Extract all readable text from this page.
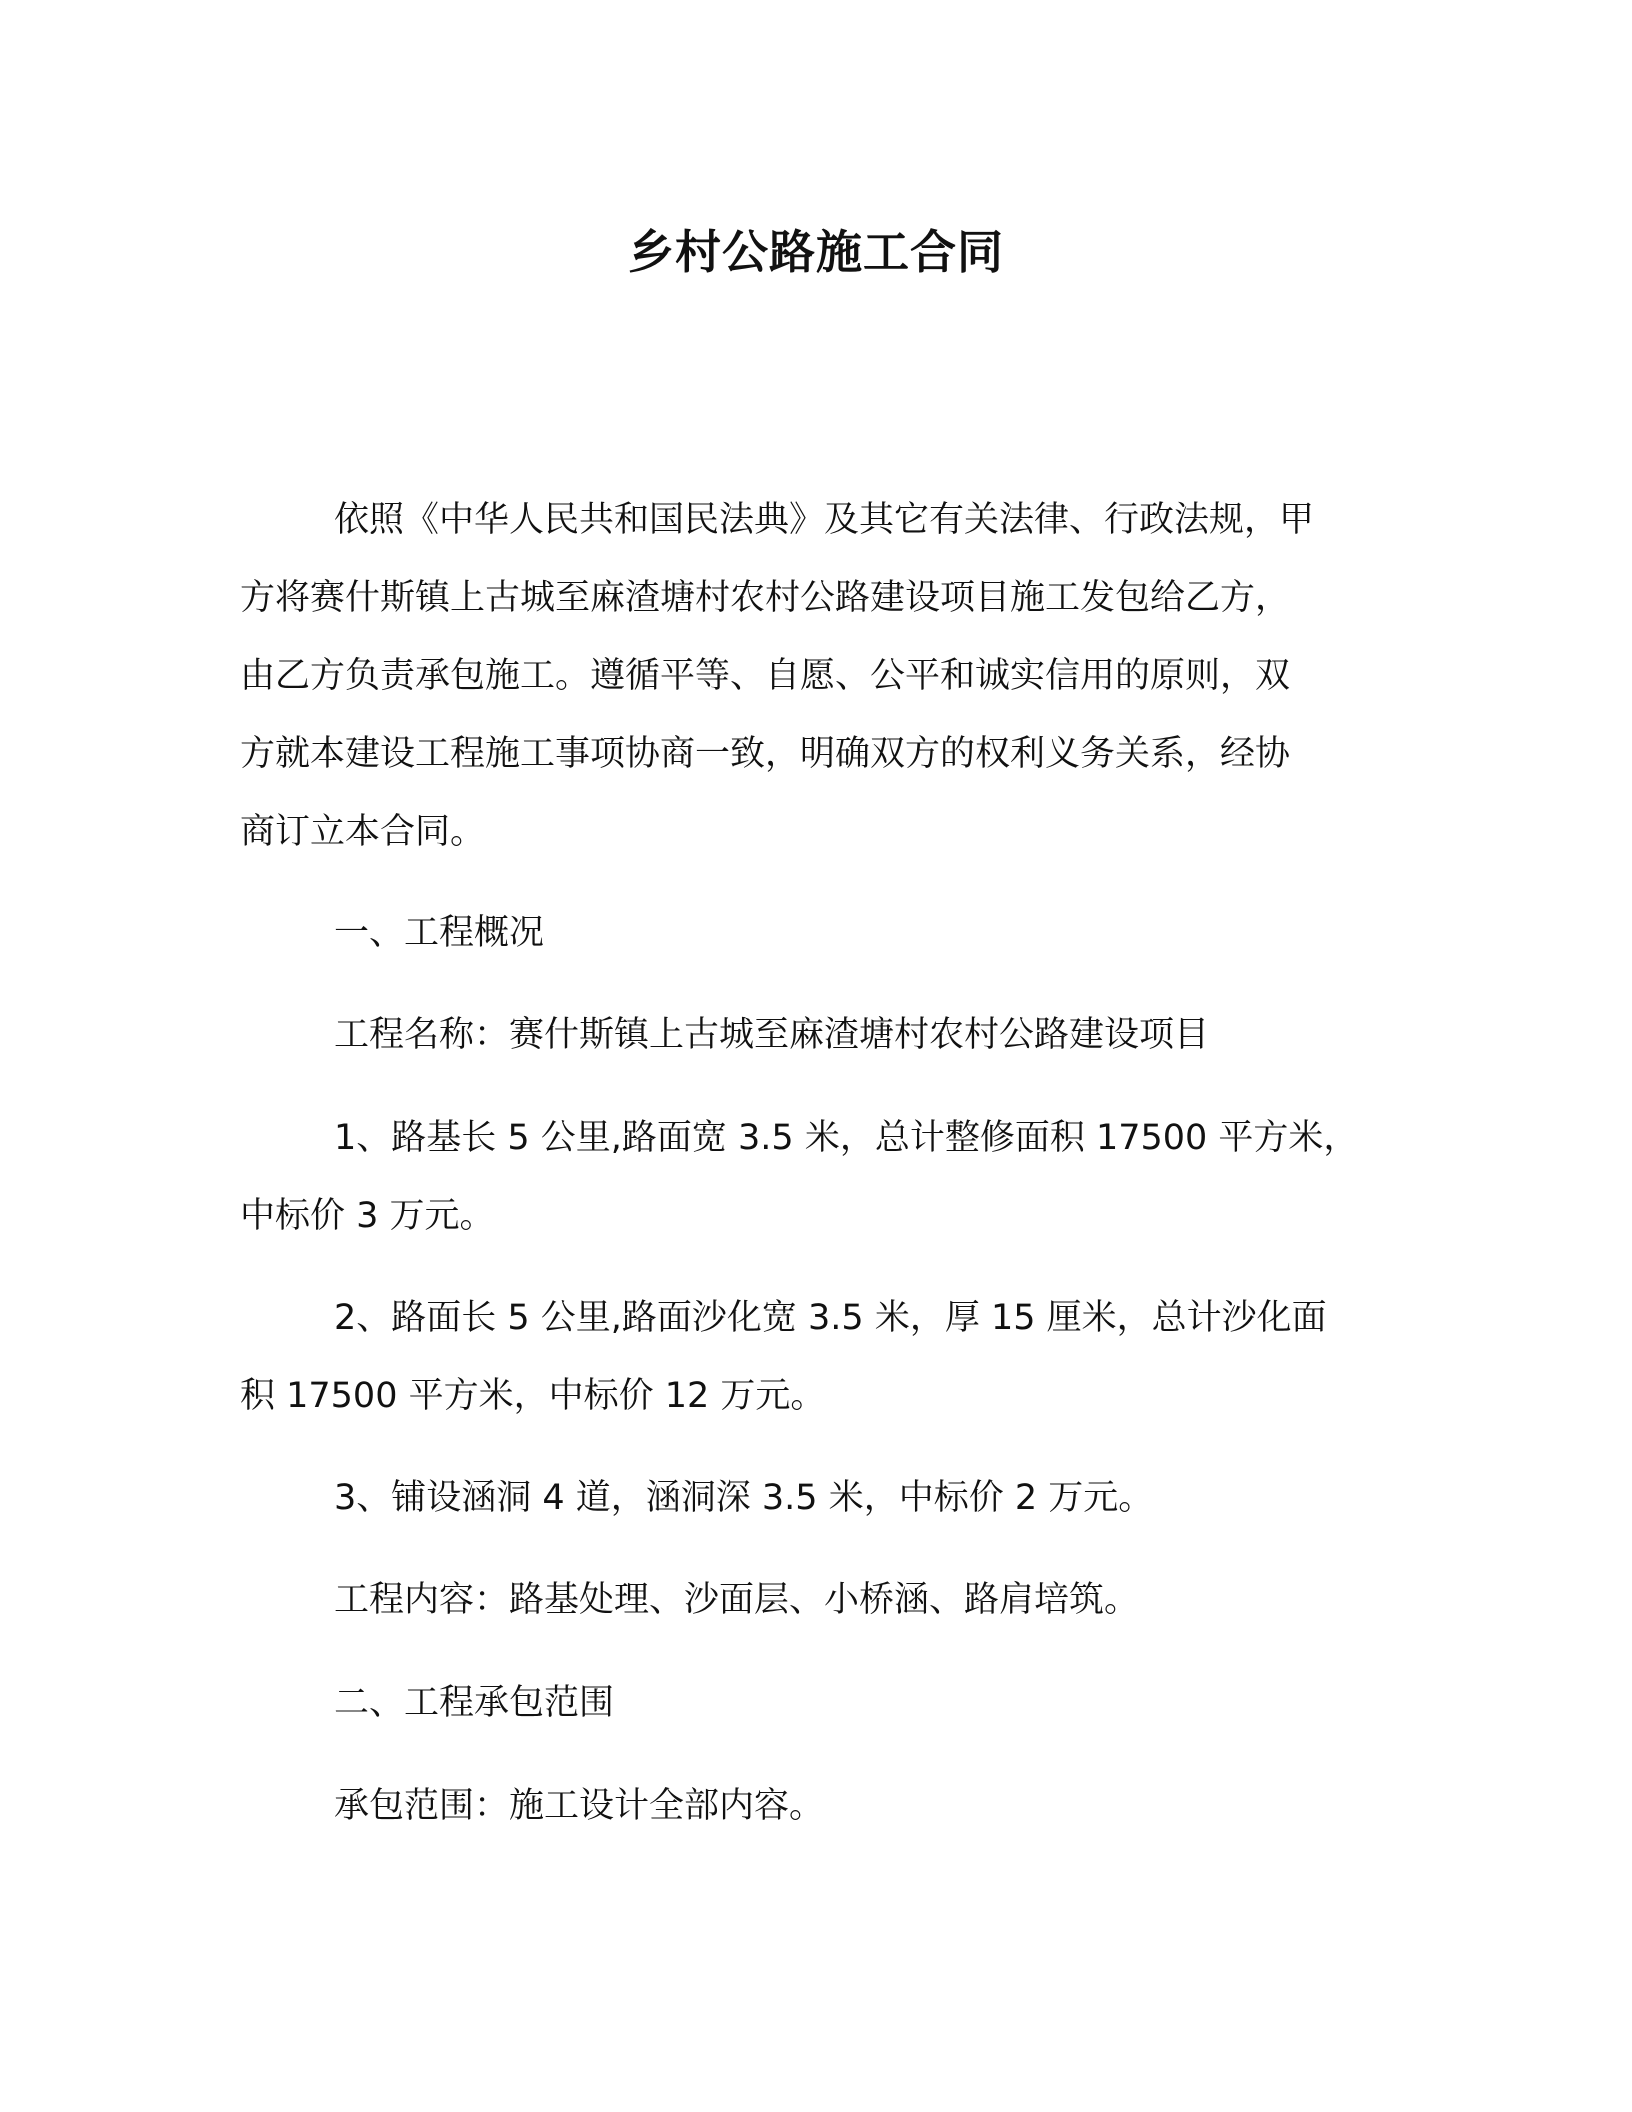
乡村公路施工合同
依照《中华人民共和国民法典》及其它有关法律、行政法规，甲
方将赛什斯镇上古城至麻渣塘村农村公路建设项目施工发包给乙方，
由乙方负责承包施工。遵循平等、自愿、公平和诚实信用的原则，双
方就本建设工程施工事项协商一致，明确双方的权利义务关系，经协
商订立本合同。
一、工程概况
工程名称：赛什斯镇上古城至麻渣塘村农村公路建设项目
1、路基长 5 公里,路面宽 3.5 米，总计整修面积 17500 平方米，
中标价 3 万元。
2、路面长 5 公里,路面沙化宽 3.5 米，厚 15 厘米，总计沙化面
积 17500 平方米，中标价 12 万元。
3、铺设涵洞 4 道，涵洞深 3.5 米，中标价 2 万元。
工程内容：路基处理、沙面层、小桥涵、路肩培筑。
二、工程承包范围
承包范围：施工设计全部内容。
